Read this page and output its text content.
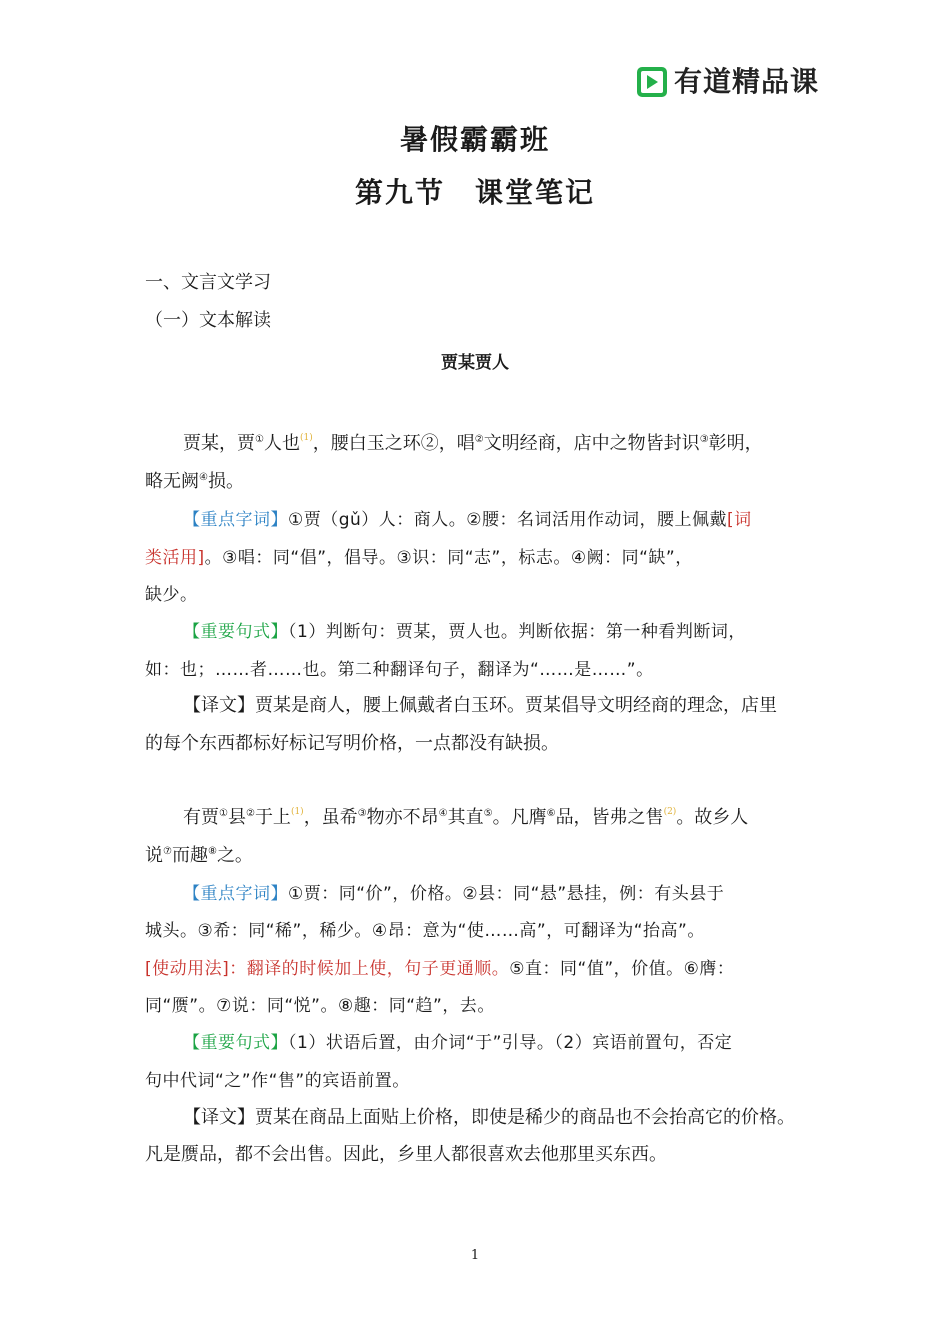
有道精品课
暑假霸霸班
第九节 课堂笔记
一、文言文学习
（一）文本解读
贾某贾人
贾某，贾①人也$^{(1)}$，腰白玉之环②，唱②文明经商，店中之物皆封识③彰明，
略无阙④损。
【重点字词】①贾（gǔ）人：商人。②腰：名词活用作动词，腰上佩戴[词
类活用]。③唱：同“倡”，倡导。③识：同“志”，标志。④阙：同“缺”，
缺少。
【重要句式】（1）判断句：贾某，贾人也。判断依据：第一种看判断词，
如：也；……者……也。第二种翻译句子，翻译为“……是……”。
【译文】贾某是商人，腰上佩戴者白玉环。贾某倡导文明经商的理念，店里
的每个东西都标好标记写明价格，一点都没有缺损。
有贾①县②于上$^{(1)}$，虽希③物亦不昂④其直⑤。凡膺⑥品，皆弗之售$^{(2)}$。故乡人
说⑦而趣⑧之。
【重点字词】①贾：同“价”，价格。②县：同“悬”悬挂，例：有头县于
城头。③希：同“稀”，稀少。④昂：意为“使……高”，可翻译为“抬高”。
[使动用法]：翻译的时候加上使，句子更通顺。⑤直：同“值”，价值。⑥膺：
同“赝”。⑦说：同“悦”。⑧趣：同“趋”，去。
【重要句式】（1）状语后置，由介词“于”引导。（2）宾语前置句，否定
句中代词“之”作“售”的宾语前置。
【译文】贾某在商品上面贴上价格，即使是稀少的商品也不会抬高它的价格。
凡是赝品，都不会出售。因此，乡里人都很喜欢去他那里买东西。
1
